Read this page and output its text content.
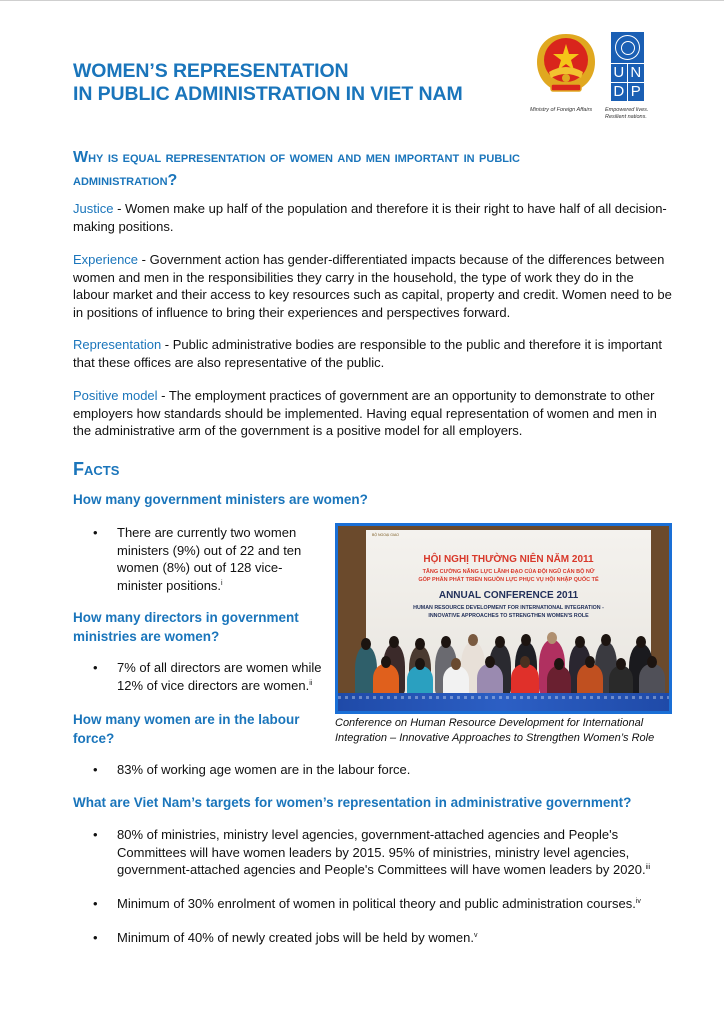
WOMEN’S REPRESENTATION
IN PUBLIC ADMINISTRATION IN VIET NAM
Ministry of Foreign Affairs
U N
D P
Empowered lives.
Resilient nations.
Why is equal representation of women and men important in public
administration?
Justice - Women make up half of the population and therefore it is their right to have half of all decision-making positions.
Experience - Government action has gender-differentiated impacts because of the differences between women and men in the responsibilities they carry in the household, the type of work they do in the labour market and their access to key resources such as capital, property and credit. Women need to be in positions of influence to bring their experiences and perspectives forward.
Representation - Public administrative bodies are responsible to the public and therefore it is important that these offices are also representative of the public.
Positive model - The employment practices of government are an opportunity to demonstrate to other employers how standards should be implemented. Having equal representation of women and men in the administrative arm of the government is a positive model for all employers.
Facts
How many government ministers are women?
• There are currently two women ministers (9%) out of 22 and ten women (8%) out of 128 vice-minister positions.$^i$
How many directors in government ministries are women?
• 7% of all directors are women while 12% of vice directors are women.$^{ii}$
How many women are in the labour force?
• 83% of working age women are in the labour force.
What are Viet Nam’s targets for women’s representation in administrative government?
• 80% of ministries, ministry level agencies, government-attached agencies and People's Committees will have women leaders by 2015. 95% of ministries, ministry level agencies, government-attached agencies and People's Committees will have women leaders by 2020.$^{iii}$
• Minimum of 30% enrolment of women in political theory and public administration courses.$^{iv}$
• Minimum of 40% of newly created jobs will be held by women.$^v$
BỘ NGOẠI GIAO
HỘI NGHỊ THƯỜNG NIÊN NĂM 2011
TĂNG CƯỜNG NĂNG LỰC LÃNH ĐẠO CỦA ĐỘI NGŨ CÁN BỘ NỮ
GÓP PHẦN PHÁT TRIỂN NGUỒN LỰC PHỤC VỤ HỘI NHẬP QUỐC TẾ
ANNUAL CONFERENCE 2011
HUMAN RESOURCE DEVELOPMENT FOR INTERNATIONAL INTEGRATION -
INNOVATIVE APPROACHES TO STRENGTHEN WOMEN'S ROLE
Conference on Human Resource Development for International Integration – Innovative Approaches to Strengthen Women’s Role
